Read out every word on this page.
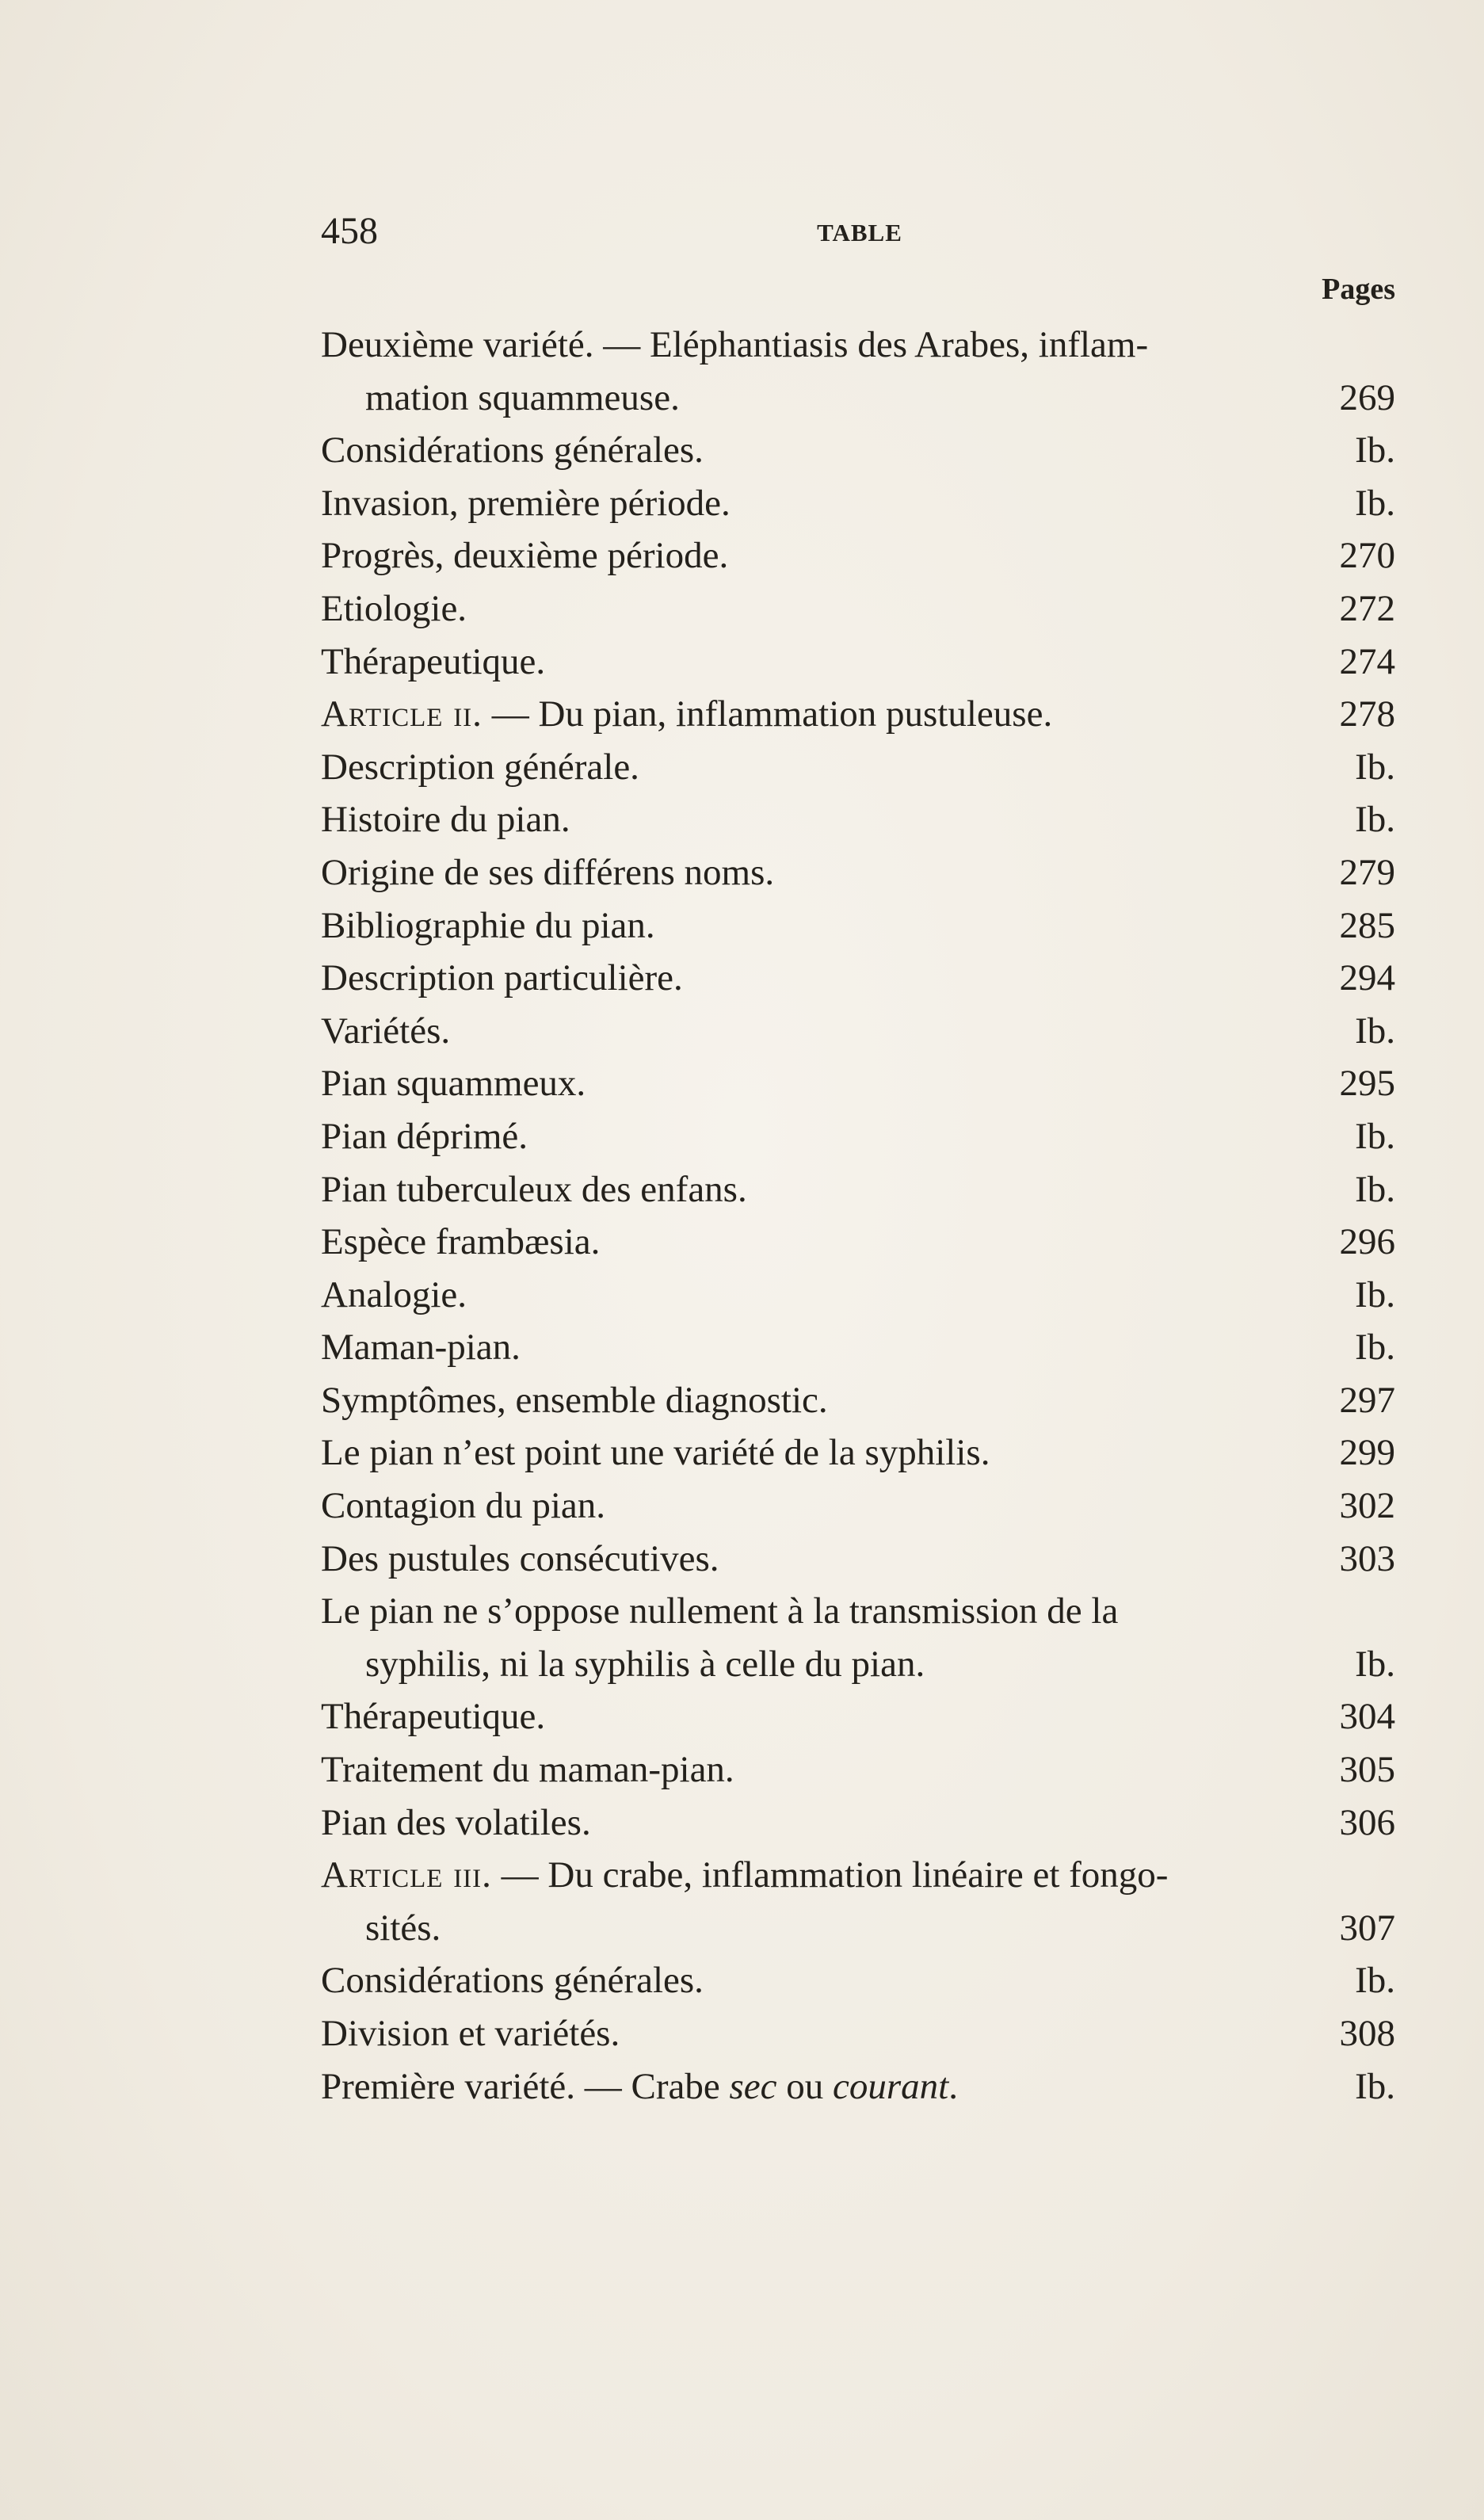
458	TABLE
Pages
Deuxième variété. — Eléphantiasis des Arabes, inflam-
mation squammeuse.	269
Considérations générales.	Ib.
Invasion, première période.	Ib.
Progrès, deuxième période.	270
Etiologie.	272
Thérapeutique.	274
Article ii. — Du pian, inflammation pustuleuse.	278
Description générale.	Ib.
Histoire du pian.	Ib.
Origine de ses différens noms.	279
Bibliographie du pian.	285
Description particulière.	294
Variétés.	Ib.
Pian squammeux.	295
Pian déprimé.	Ib.
Pian tuberculeux des enfans.	Ib.
Espèce frambæsia.	296
Analogie.	Ib.
Maman-pian.	Ib.
Symptômes, ensemble diagnostic.	297
Le pian n’est point une variété de la syphilis.	299
Contagion du pian.	302
Des pustules consécutives.	303
Le pian ne s’oppose nullement à la transmission de la
syphilis, ni la syphilis à celle du pian.	Ib.
Thérapeutique.	304
Traitement du maman-pian.	305
Pian des volatiles.	306
Article iii. — Du crabe, inflammation linéaire et fongo-
sités.	307
Considérations générales.	Ib.
Division et variétés.	308
Première variété. — Crabe sec ou courant.	Ib.
